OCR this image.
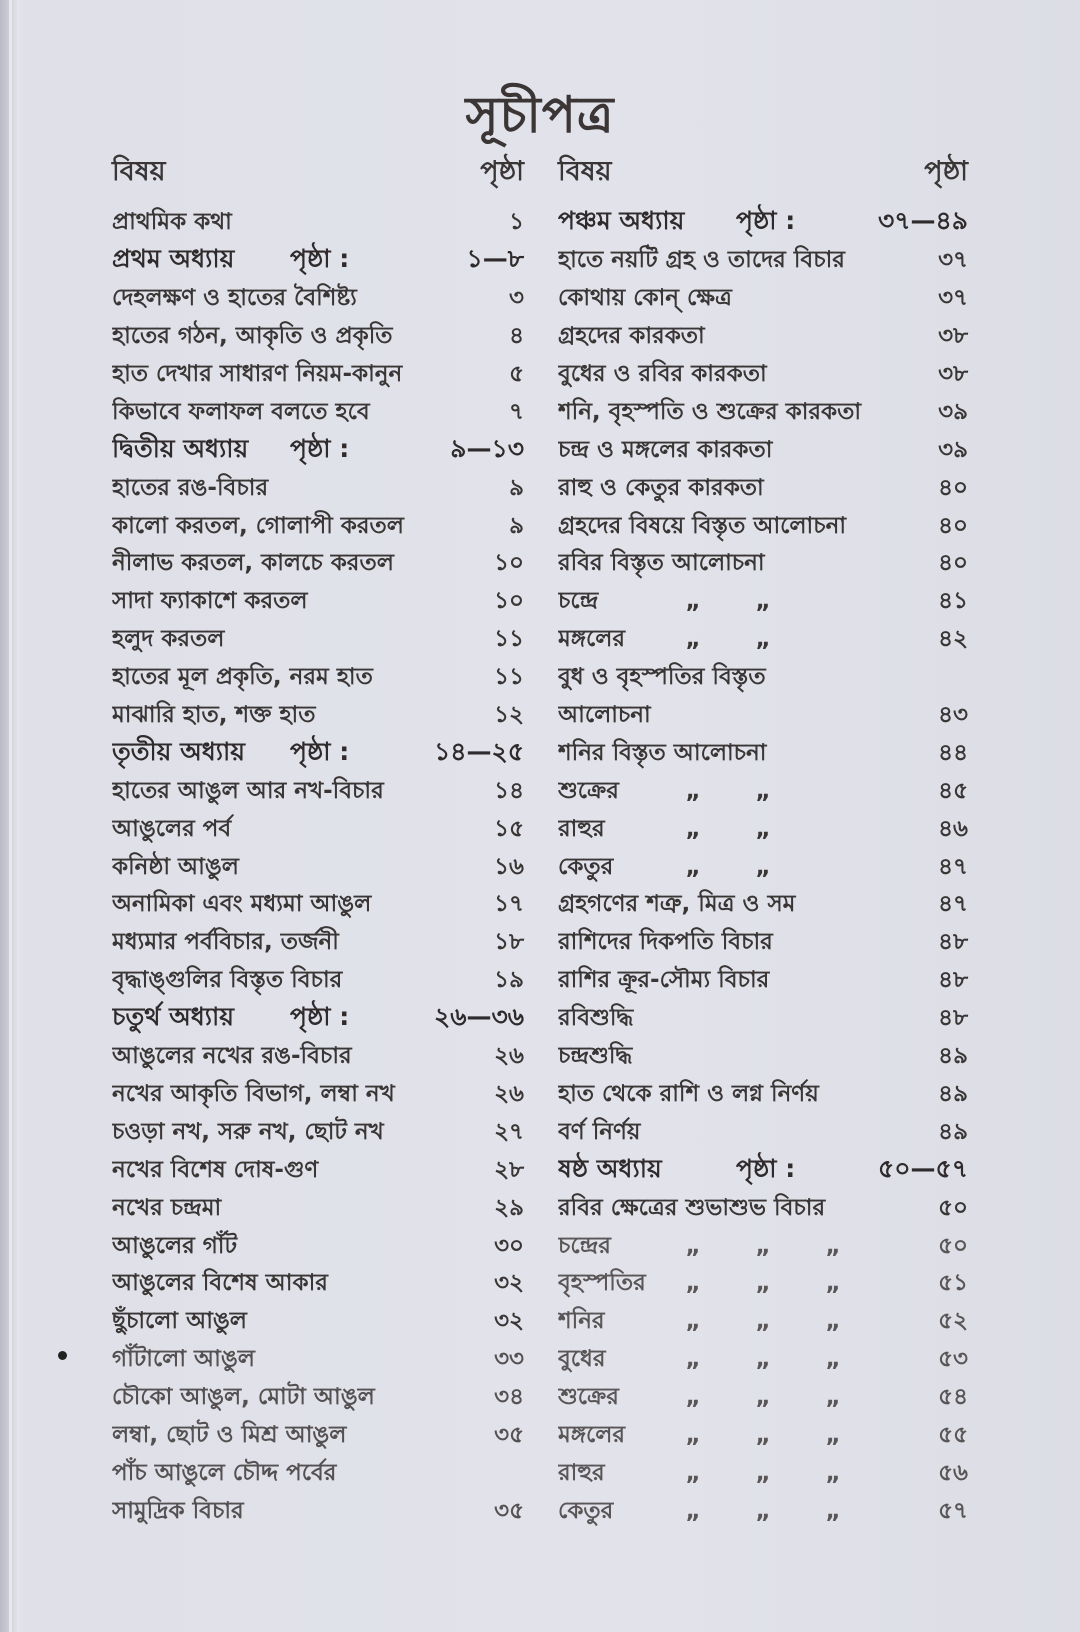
সূচীপত্র
বিষয়	পৃষ্ঠা
প্রাথমিক কথা	১
প্রথম অধ্যায়	পৃষ্ঠা :	১—৮
দেহলক্ষণ ও হাতের বৈশিষ্ট্য	৩
হাতের গঠন, আকৃতি ও প্রকৃতি	৪
হাত দেখার সাধারণ নিয়ম-কানুন	৫
কিভাবে ফলাফল বলতে হবে	৭
দ্বিতীয় অধ্যায়	পৃষ্ঠা :	৯—১৩
হাতের রঙ-বিচার	৯
কালো করতল, গোলাপী করতল	৯
নীলাভ করতল, কালচে করতল	১০
সাদা ফ্যাকাশে করতল	১০
হলুদ করতল	১১
হাতের মূল প্রকৃতি, নরম হাত	১১
মাঝারি হাত, শক্ত হাত	১২
তৃতীয় অধ্যায়	পৃষ্ঠা :	১৪—২৫
হাতের আঙুল আর নখ-বিচার	১৪
আঙুলের পর্ব	১৫
কনিষ্ঠা আঙুল	১৬
অনামিকা এবং মধ্যমা আঙুল	১৭
মধ্যমার পর্ববিচার, তর্জনী	১৮
বৃদ্ধাঙ্গুলির বিস্তৃত বিচার	১৯
চতুর্থ অধ্যায়	পৃষ্ঠা :	২৬—৩৬
আঙুলের নখের রঙ-বিচার	২৬
নখের আকৃতি বিভাগ, লম্বা নখ	২৬
চওড়া নখ, সরু নখ, ছোট নখ	২৭
নখের বিশেষ দোষ-গুণ	২৮
নখের চন্দ্রমা	২৯
আঙুলের গাঁট	৩০
আঙুলের বিশেষ আকার	৩২
ছুঁচালো আঙুল	৩২
গাঁটালো আঙুল	৩৩
চৌকো আঙুল, মোটা আঙুল	৩৪
লম্বা, ছোট ও মিশ্র আঙুল	৩৫
পাঁচ আঙুলে চৌদ্দ পর্বের
সামুদ্রিক বিচার	৩৫
বিষয়	পৃষ্ঠা
পঞ্চম অধ্যায়	পৃষ্ঠা :	৩৭—৪৯
হাতে নয়টি গ্রহ ও তাদের বিচার	৩৭
কোথায় কোন্ ক্ষেত্র	৩৭
গ্রহদের কারকতা	৩৮
বুধের ও রবির কারকতা	৩৮
শনি, বৃহস্পতি ও শুক্রের কারকতা	৩৯
চন্দ্র ও মঙ্গলের কারকতা	৩৯
রাহু ও কেতুর কারকতা	৪০
গ্রহদের বিষয়ে বিস্তৃত আলোচনা	৪০
রবির বিস্তৃত আলোচনা	৪০
চন্দ্রে	„ „	৪১
মঙ্গলের	„ „	৪২
বুধ ও বৃহস্পতির বিস্তৃত
আলোচনা	৪৩
শনির বিস্তৃত আলোচনা	৪৪
শুক্রের	„ „	৪৫
রাহুর	„ „	৪৬
কেতুর	„ „	৪৭
গ্রহগণের শত্রু, মিত্র ও সম	৪৭
রাশিদের দিকপতি বিচার	৪৮
রাশির ক্রূর-সৌম্য বিচার	৪৮
রবিশুদ্ধি	৪৮
চন্দ্রশুদ্ধি	৪৯
হাত থেকে রাশি ও লগ্ন নির্ণয়	৪৯
বর্ণ নির্ণয়	৪৯
ষষ্ঠ অধ্যায়	পৃষ্ঠা :	৫০—৫৭
রবির ক্ষেত্রের শুভাশুভ বিচার	৫০
চন্দ্রের	„ „ „	৫০
বৃহস্পতির „ „ „	৫১
শনির	„ „ „	৫২
বুধের	„ „ „	৫৩
শুক্রের	„ „ „	৫৪
মঙ্গলের	„ „ „	৫৫
রাহুর	„ „ „	৫৬
কেতুর	„ „ „	৫৭
